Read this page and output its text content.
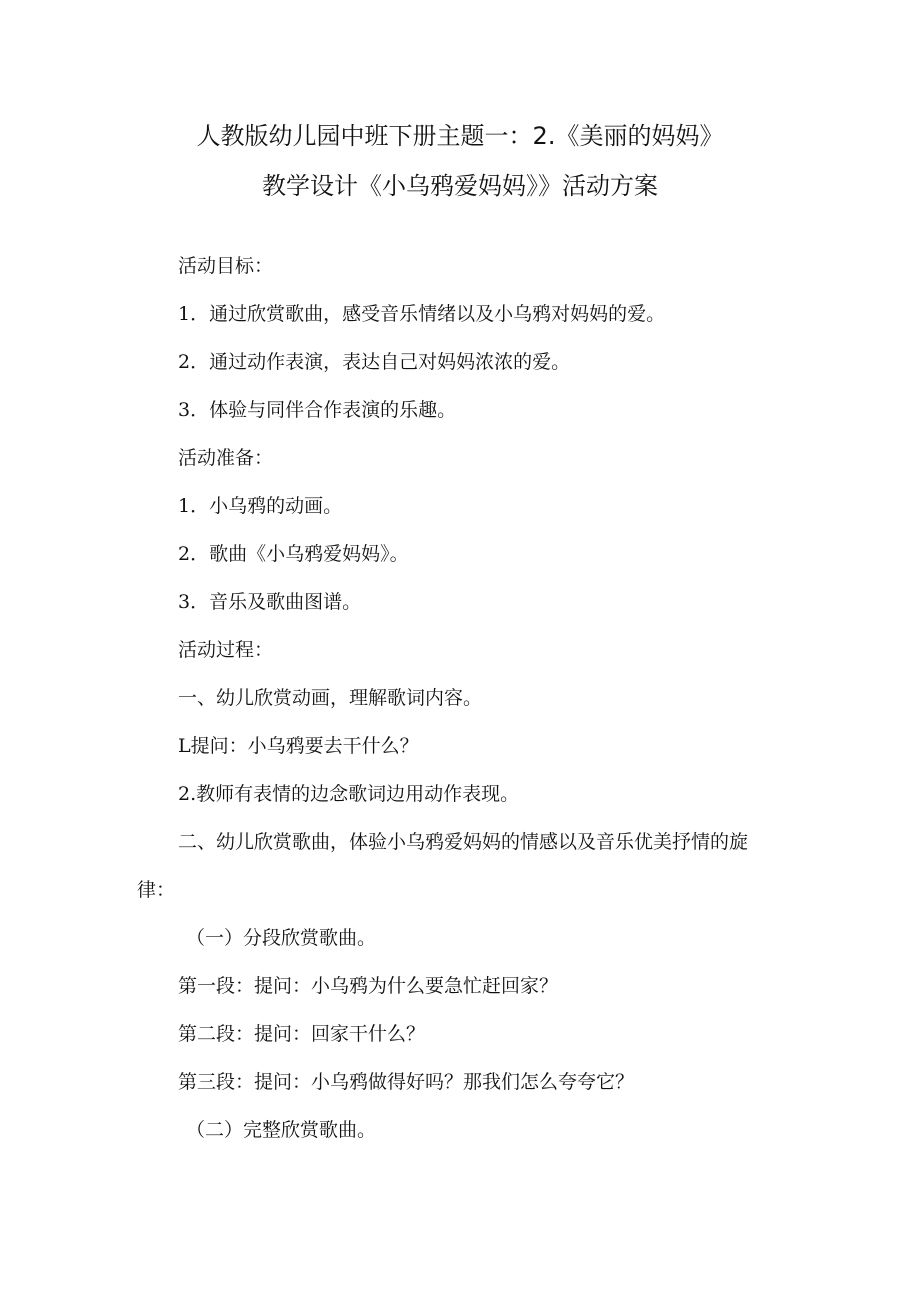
人教版幼儿园中班下册主题一：2.《美丽的妈妈》
教学设计《小乌鸦爱妈妈》》活动方案
活动目标：
1．通过欣赏歌曲，感受音乐情绪以及小乌鸦对妈妈的爱。
2．通过动作表演，表达自己对妈妈浓浓的爱。
3．体验与同伴合作表演的乐趣。
活动准备：
1．小乌鸦的动画。
2．歌曲《小乌鸦爱妈妈》。
3．音乐及歌曲图谱。
活动过程：
一、幼儿欣赏动画，理解歌词内容。
L提问：小乌鸦要去干什么？
2.教师有表情的边念歌词边用动作表现。
二、幼儿欣赏歌曲，体验小乌鸦爱妈妈的情感以及音乐优美抒情的旋
律：
（一）分段欣赏歌曲。
第一段：提问：小乌鸦为什么要急忙赶回家？
第二段：提问：回家干什么？
第三段：提问：小乌鸦做得好吗？那我们怎么夸夸它？
（二）完整欣赏歌曲。
